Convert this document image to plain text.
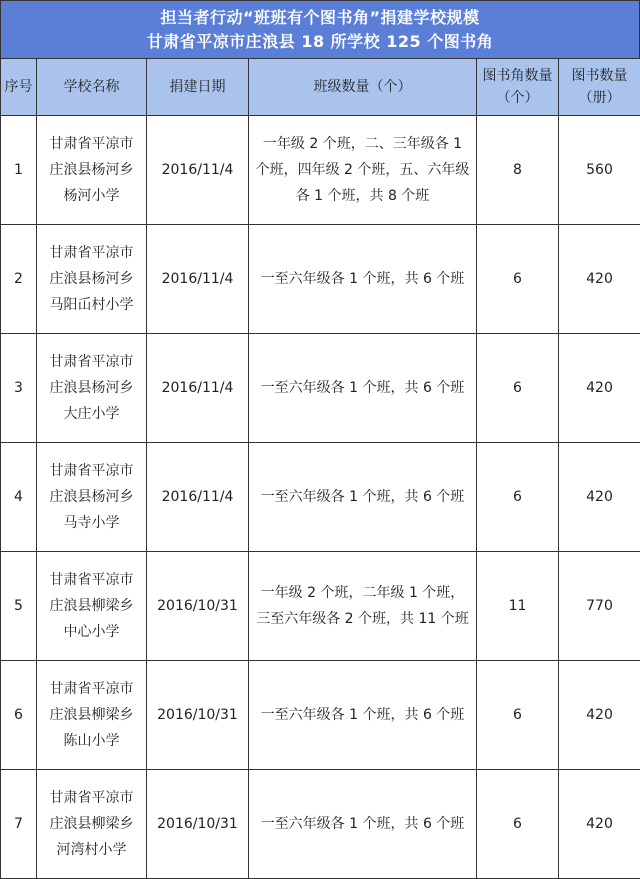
担当者行动“班班有个图书角”捐建学校规模
甘肃省平凉市庄浪县 18 所学校 125 个图书角
序号	学校名称	捐建日期	班级数量（个）	图书角数量（个）	图书数量（册）
1	甘肃省平凉市庄浪县杨河乡杨河小学	2016/11/4	一年级 2 个班，二、三年级各 1 个班，四年级 2 个班，五、六年级各 1 个班，共 8 个班	8	560
2	甘肃省平凉市庄浪县杨河乡马阳屲村小学	2016/11/4	一至六年级各 1 个班，共 6 个班	6	420
3	甘肃省平凉市庄浪县杨河乡大庄小学	2016/11/4	一至六年级各 1 个班，共 6 个班	6	420
4	甘肃省平凉市庄浪县杨河乡马寺小学	2016/11/4	一至六年级各 1 个班，共 6 个班	6	420
5	甘肃省平凉市庄浪县柳梁乡中心小学	2016/10/31	一年级 2 个班，二年级 1 个班，三至六年级各 2 个班，共 11 个班	11	770
6	甘肃省平凉市庄浪县柳梁乡陈山小学	2016/10/31	一至六年级各 1 个班，共 6 个班	6	420
7	甘肃省平凉市庄浪县柳梁乡河湾村小学	2016/10/31	一至六年级各 1 个班，共 6 个班	6	420
